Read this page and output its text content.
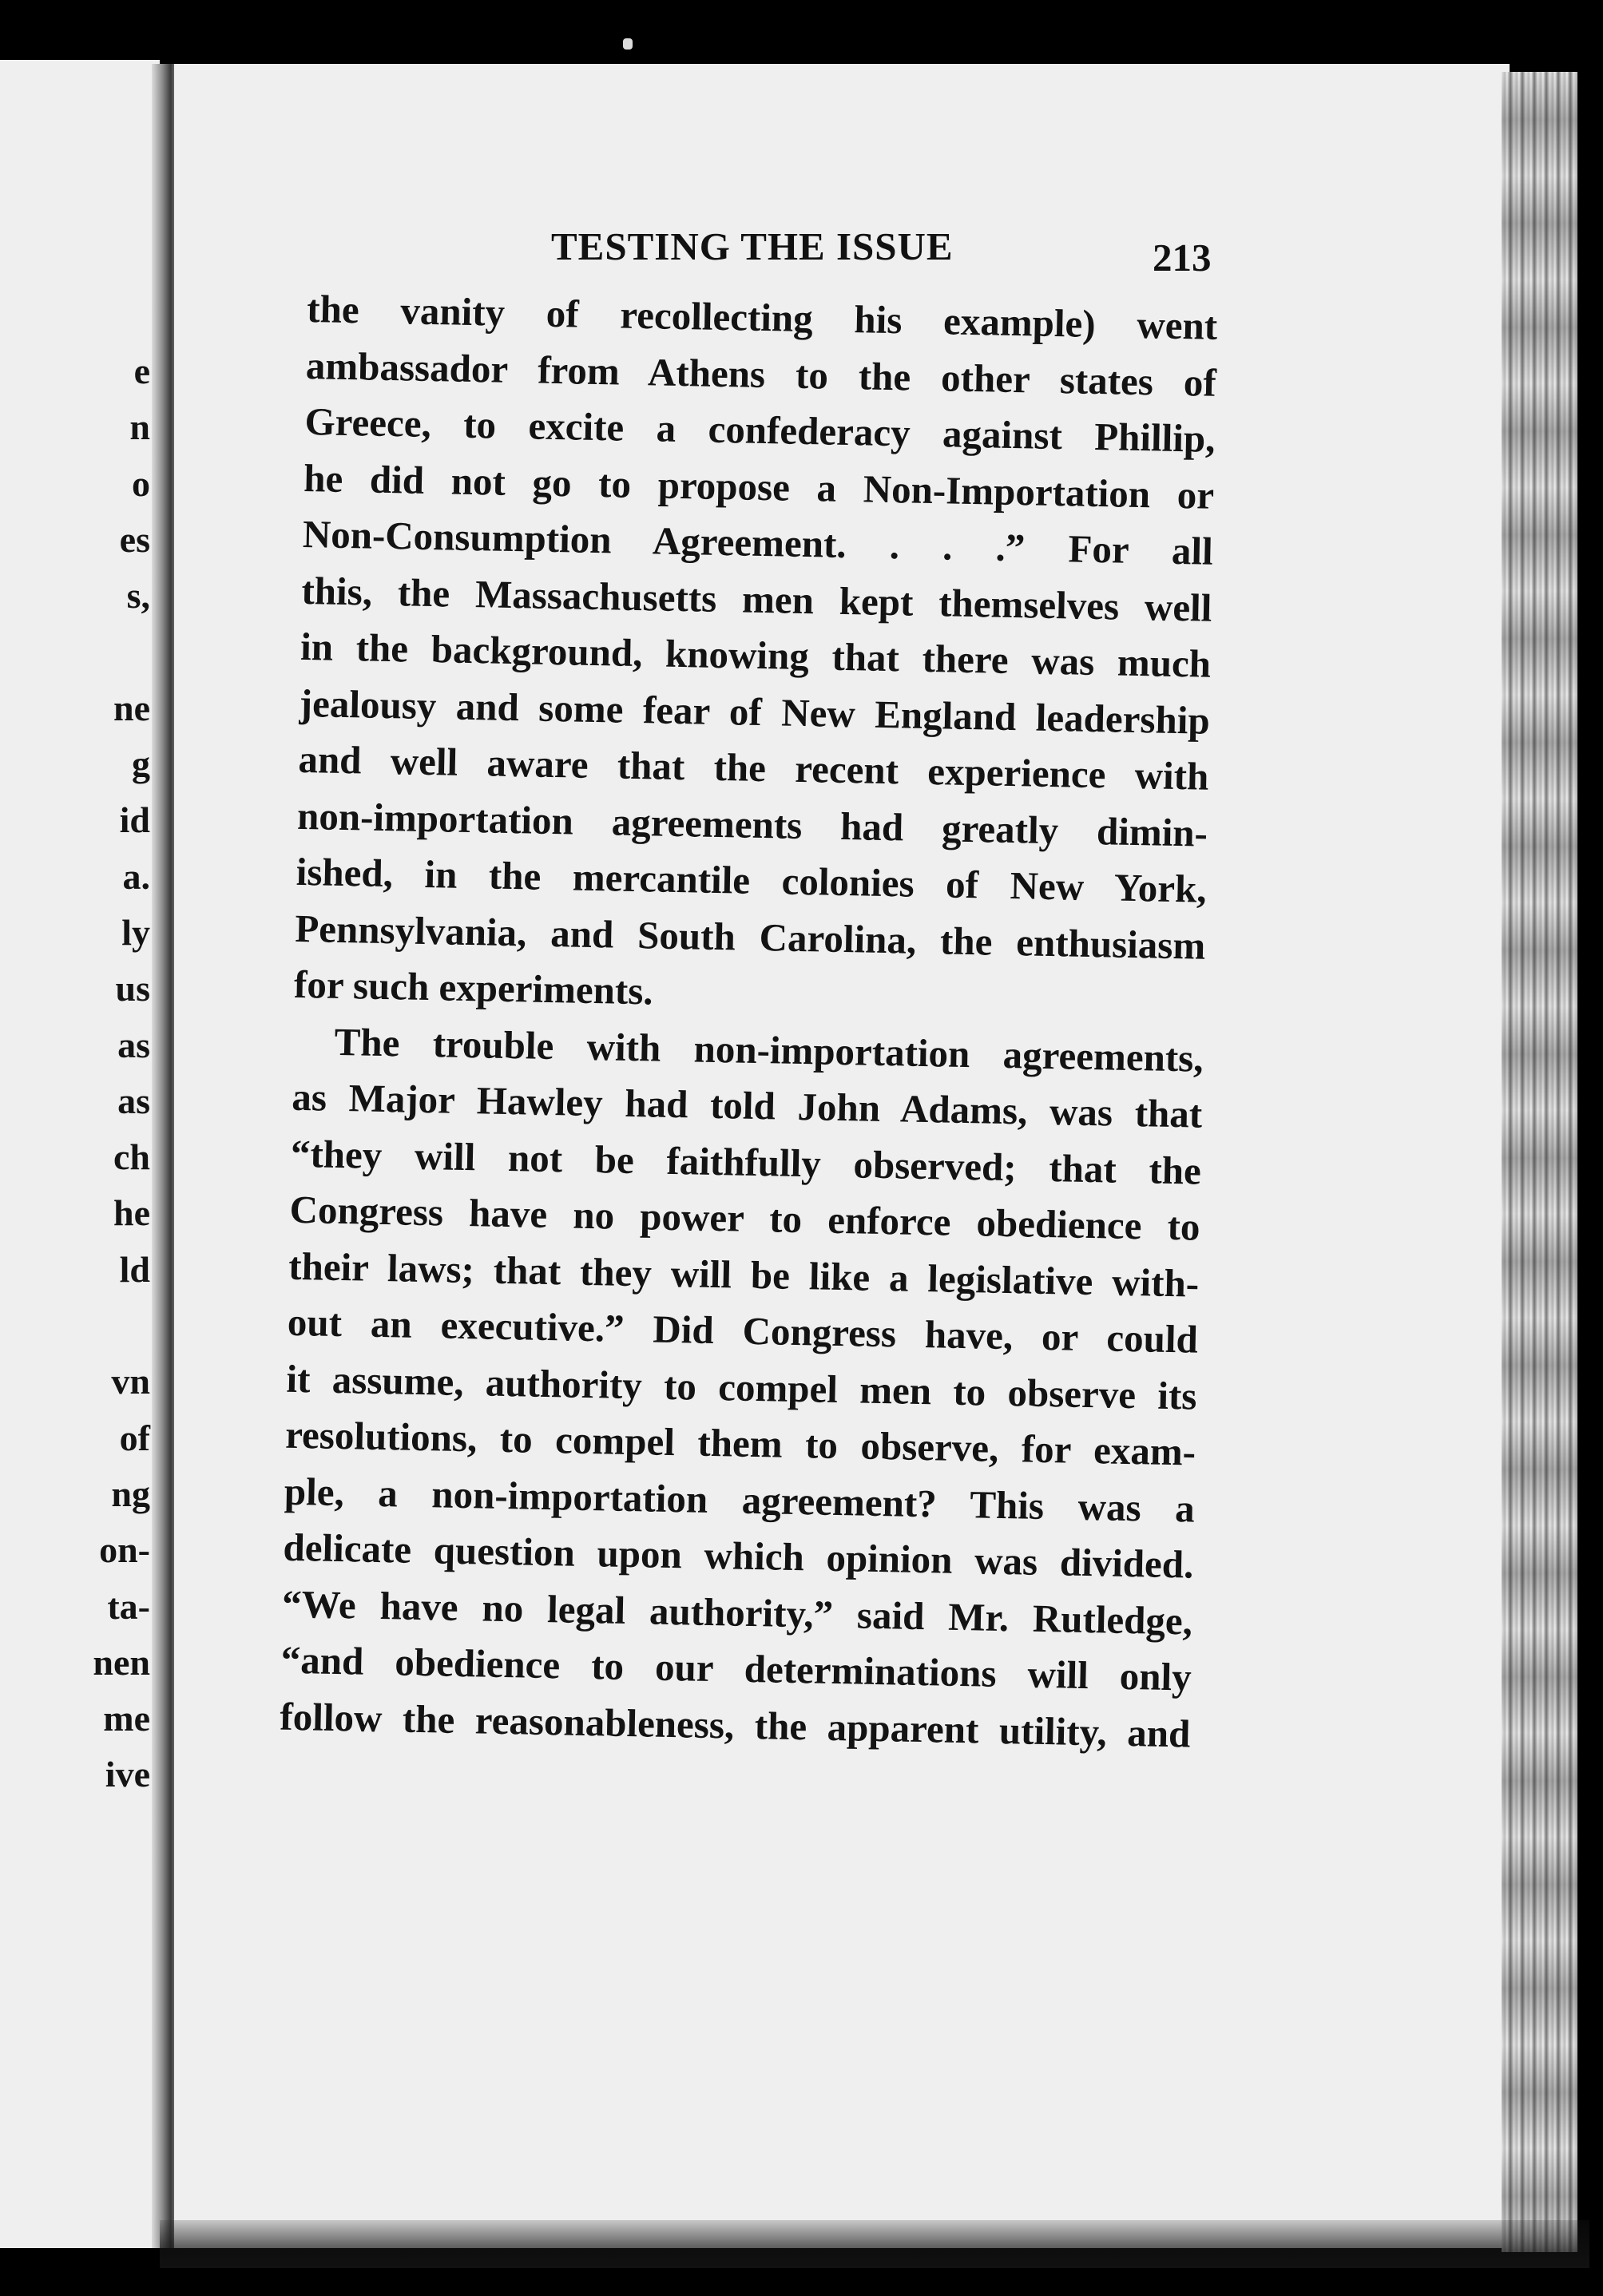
e
n
o
es
s,
ne
g
id
a.
ly
us
as
as
ch
he
ld
vn
of
ng
on-
ta-
nen
me
ive
TESTING THE ISSUE	213
the vanity of recollecting his example) went
ambassador from Athens to the other states of
Greece, to excite a confederacy against Phillip,
he did not go to propose a Non-Importation or
Non-Consumption Agreement. . . .” For all
this, the Massachusetts men kept themselves well
in the background, knowing that there was much
jealousy and some fear of New England leadership
and well aware that the recent experience with
non-importation agreements had greatly dimin-
ished, in the mercantile colonies of New York,
Pennsylvania, and South Carolina, the enthusiasm
for such experiments.
The trouble with non-importation agreements,
as Major Hawley had told John Adams, was that
“they will not be faithfully observed; that the
Congress have no power to enforce obedience to
their laws; that they will be like a legislative with-
out an executive.” Did Congress have, or could
it assume, authority to compel men to observe its
resolutions, to compel them to observe, for exam-
ple, a non-importation agreement? This was a
delicate question upon which opinion was divided.
“We have no legal authority,” said Mr. Rutledge,
“and obedience to our determinations will only
follow the reasonableness, the apparent utility, and
